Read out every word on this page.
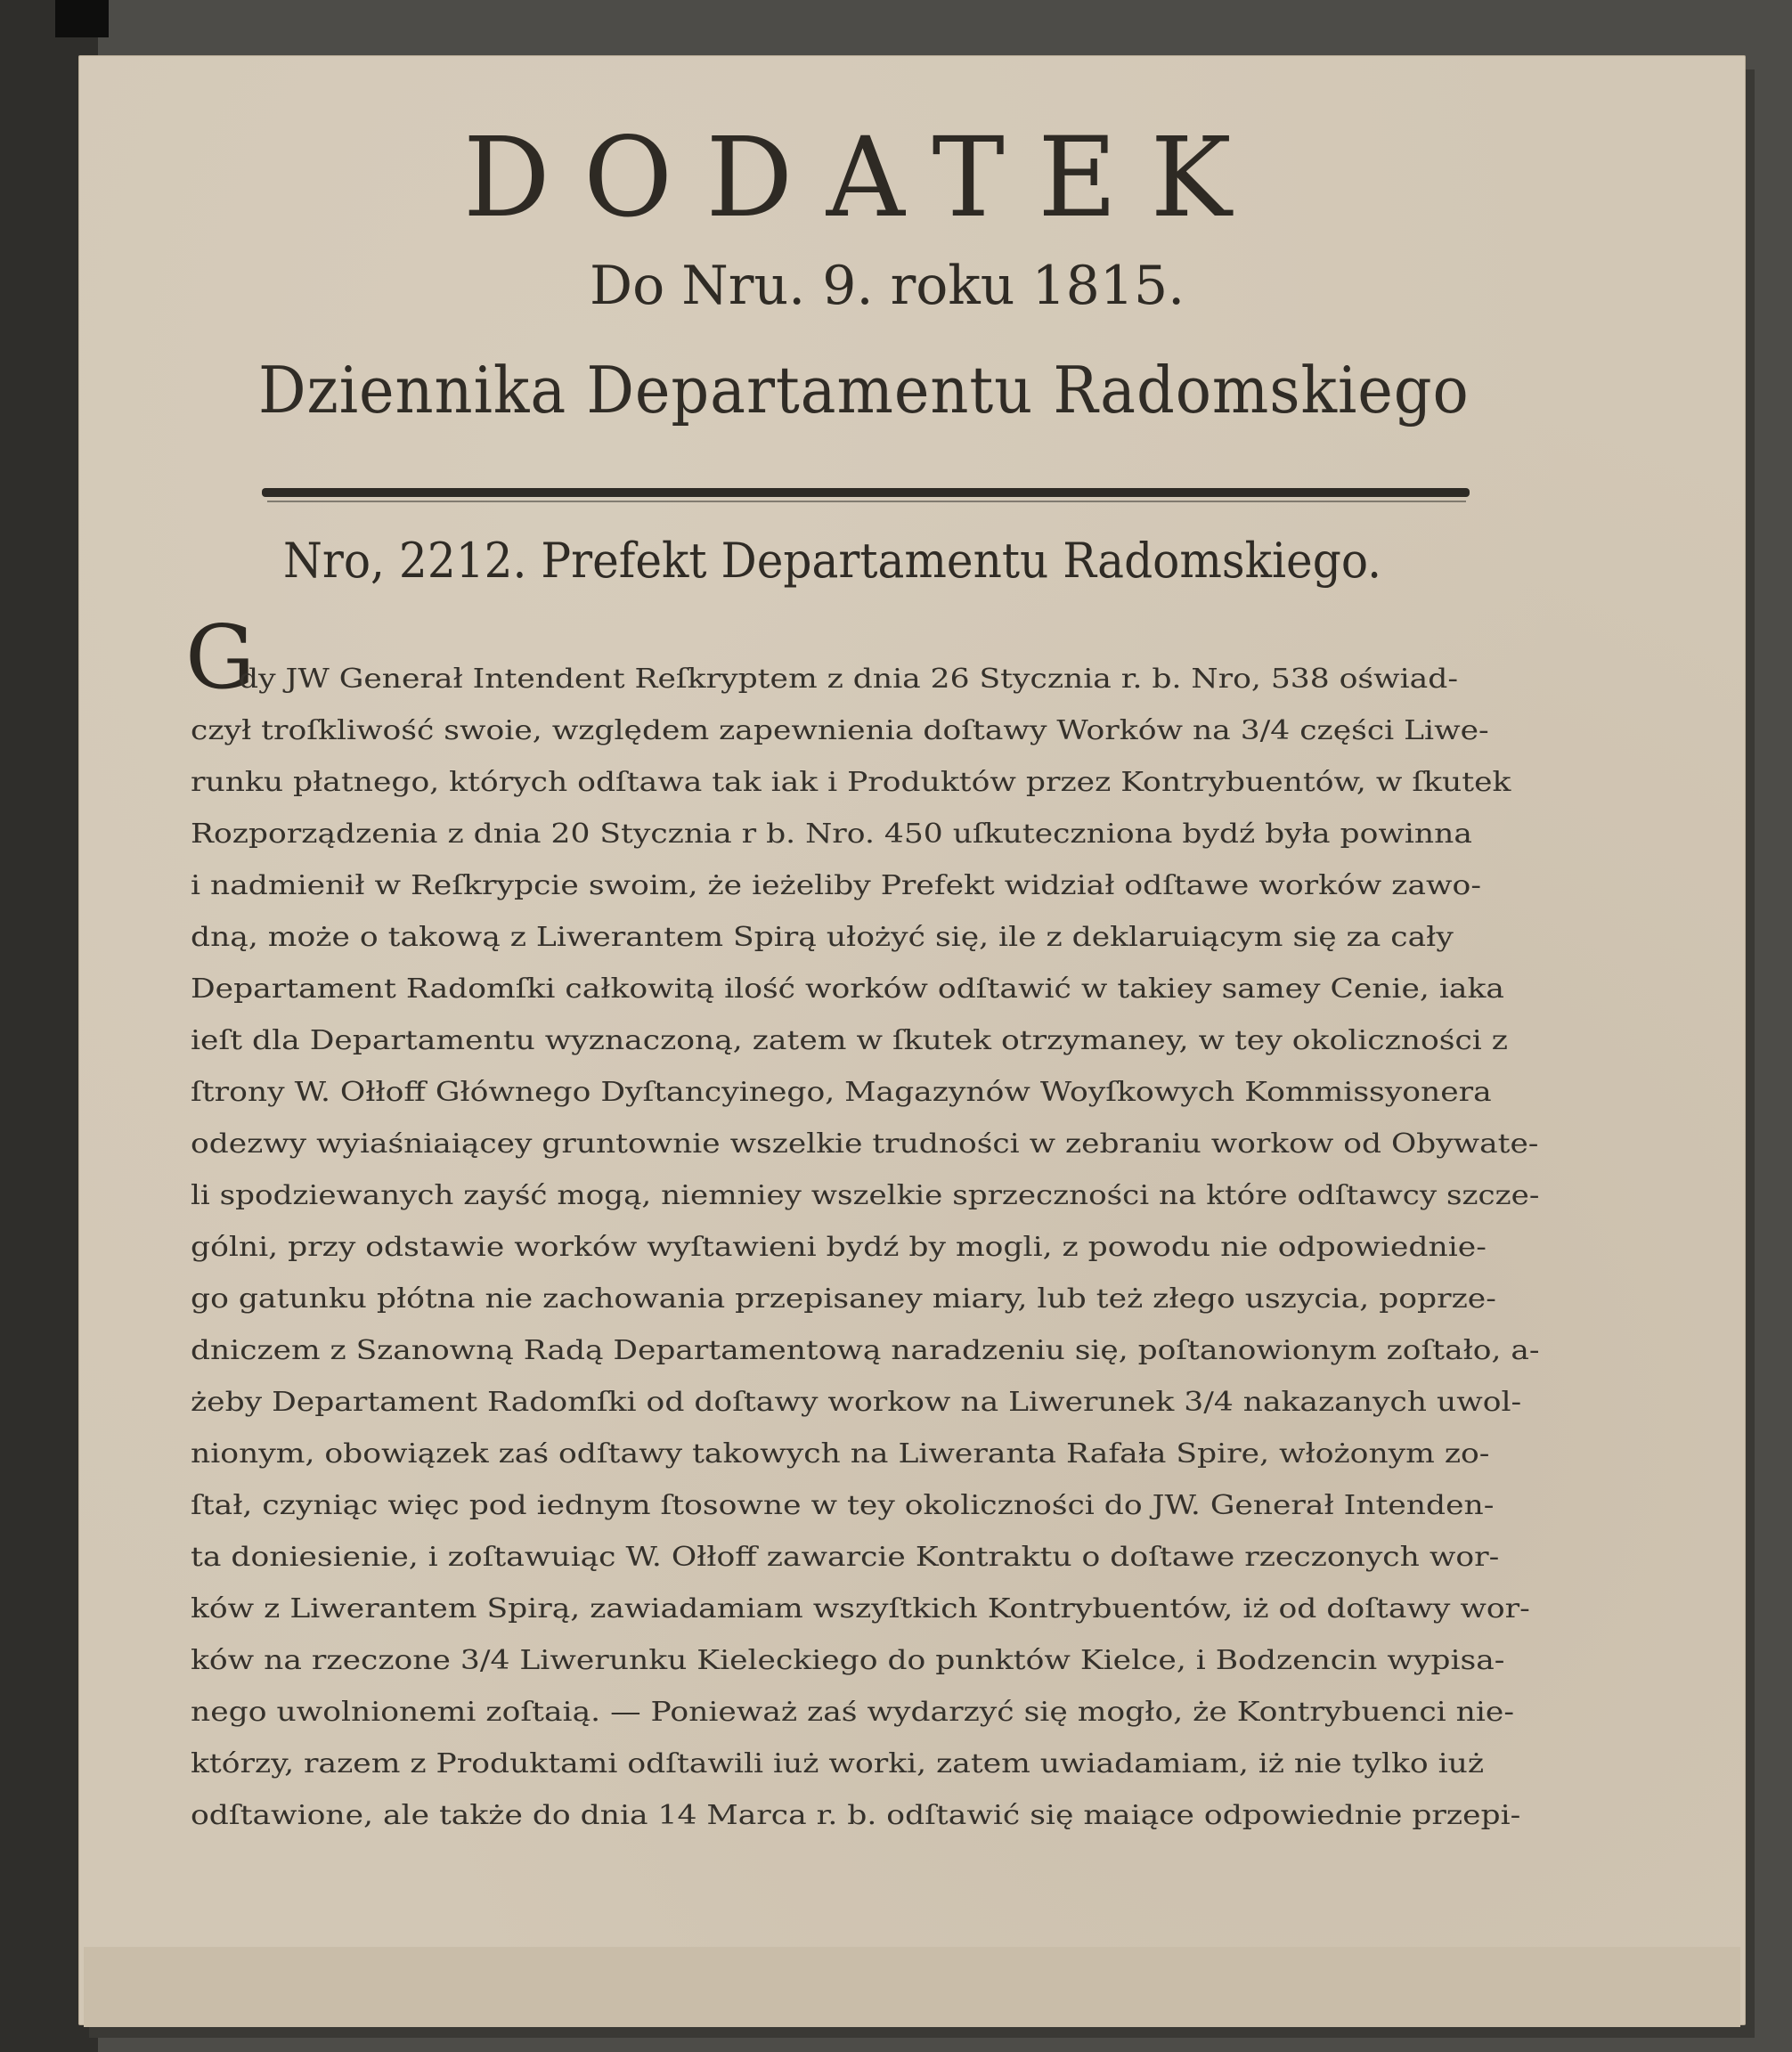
DODATEK
Do Nru. 9. roku 1815.
Dziennika Departamentu Radomskiego
Nro, 2212. Prefekt Departamentu Radomskiego.
G
dy JW Generał Intendent Reſkryptem z dnia 26 Stycznia r. b. Nro, 538 oświad-
czył troſkliwość swoie, względem zapewnienia doſtawy Worków na 3/4 części Liwe-
runku płatnego, których odſtawa tak iak i Produktów przez Kontrybuentów, w ſkutek
Rozporządzenia z dnia 20 Stycznia r b. Nro. 450 uſkuteczniona bydź była powinna
i nadmienił w Reſkrypcie swoim, że ieżeliby Prefekt widział odſtawe worków zawo-
dną, może o takową z Liwerantem Spirą ułożyć się, ile z deklaruiącym się za cały
Departament Radomſki całkowitą ilość worków odſtawić w takiey samey Cenie, iaka
ieſt dla Departamentu wyznaczoną, zatem w ſkutek otrzymaney, w tey okoliczności z
ſtrony W. Ołłoff Głównego Dyſtancyinego, Magazynów Woyſkowych Kommissyonera
odezwy wyiaśniaiącey gruntownie wszelkie trudności w zebraniu workow od Obywate-
li spodziewanych zayść mogą, niemniey wszelkie sprzeczności na które odſtawcy szcze-
gólni, przy odstawie worków wyſtawieni bydź by mogli, z powodu nie odpowiednie-
go gatunku płótna nie zachowania przepisaney miary, lub też złego uszycia, poprze-
dniczem z Szanowną Radą Departamentową naradzeniu się, poſtanowionym zoſtało, a-
żeby Departament Radomſki od doſtawy workow na Liwerunek 3/4 nakazanych uwol-
nionym, obowiązek zaś odſtawy takowych na Liweranta Rafała Spire, włożonym zo-
ſtał, czyniąc więc pod iednym ſtosowne w tey okoliczności do JW. Generał Intenden-
ta doniesienie, i zoſtawuiąc W. Ołłoff zawarcie Kontraktu o doſtawe rzeczonych wor-
ków z Liwerantem Spirą, zawiadamiam wszyſtkich Kontrybuentów, iż od doſtawy wor-
ków na rzeczone 3/4 Liwerunku Kieleckiego do punktów Kielce, i Bodzencin wypisa-
nego uwolnionemi zoſtaią. — Ponieważ zaś wydarzyć się mogło, że Kontrybuenci nie-
którzy, razem z Produktami odſtawili iuż worki, zatem uwiadamiam, iż nie tylko iuż
odſtawione, ale także do dnia 14 Marca r. b. odſtawić się maiące odpowiednie przepi-
